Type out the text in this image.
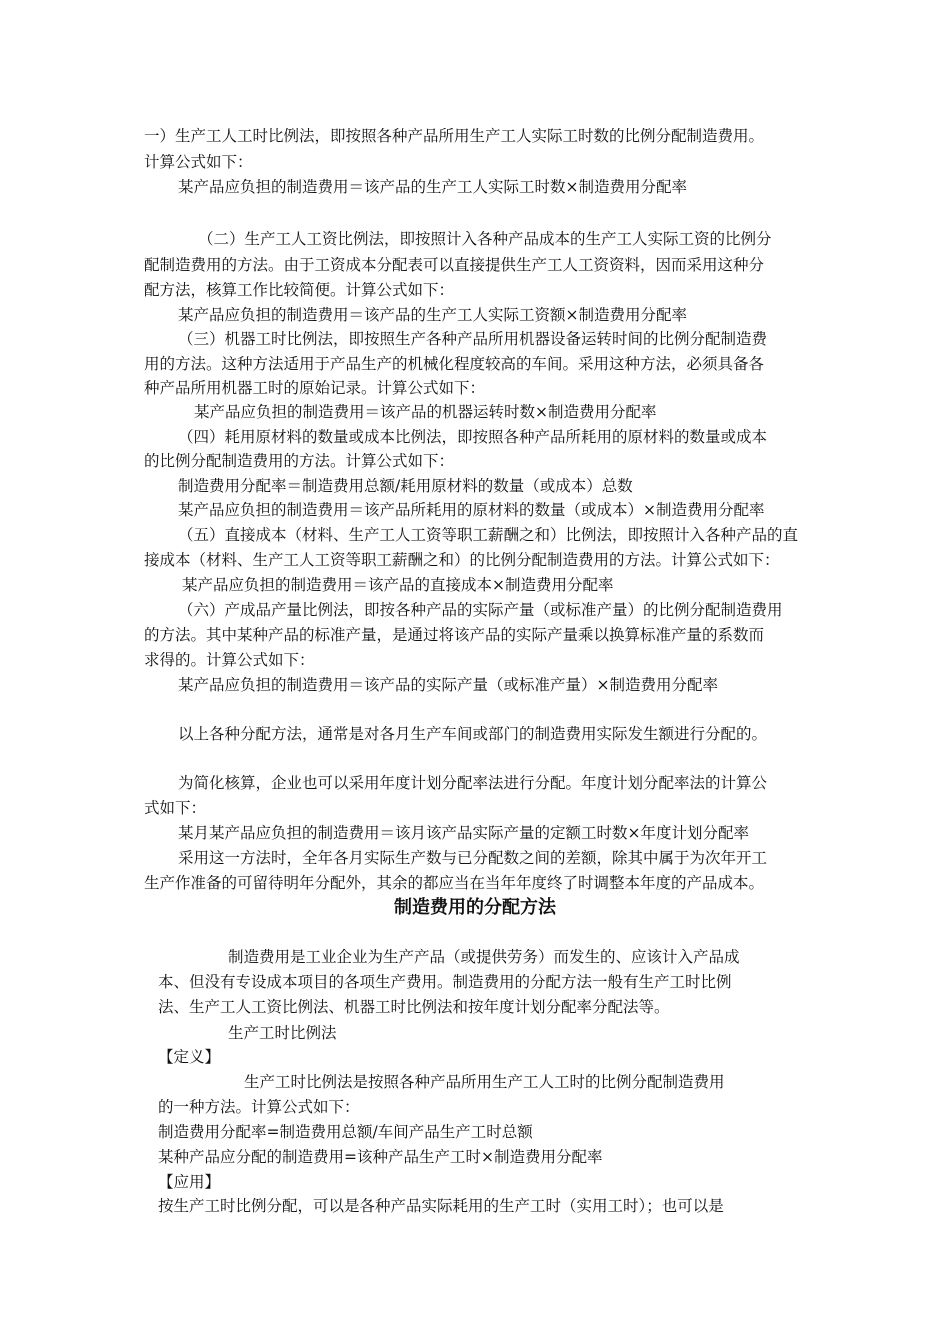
一）生产工人工时比例法，即按照各种产品所用生产工人实际工时数的比例分配制造费用。
计算公式如下：
某产品应负担的制造费用＝该产品的生产工人实际工时数×制造费用分配率
（二）生产工人工资比例法，即按照计入各种产品成本的生产工人实际工资的比例分
配制造费用的方法。由于工资成本分配表可以直接提供生产工人工资资料，因而采用这种分
配方法，核算工作比较简便。计算公式如下：
某产品应负担的制造费用＝该产品的生产工人实际工资额×制造费用分配率
（三）机器工时比例法，即按照生产各种产品所用机器设备运转时间的比例分配制造费
用的方法。这种方法适用于产品生产的机械化程度较高的车间。采用这种方法，必须具备各
种产品所用机器工时的原始记录。计算公式如下：
某产品应负担的制造费用＝该产品的机器运转时数×制造费用分配率
（四）耗用原材料的数量或成本比例法，即按照各种产品所耗用的原材料的数量或成本
的比例分配制造费用的方法。计算公式如下：
制造费用分配率＝制造费用总额/耗用原材料的数量（或成本）总数
某产品应负担的制造费用＝该产品所耗用的原材料的数量（或成本）×制造费用分配率
（五）直接成本（材料、生产工人工资等职工薪酬之和）比例法，即按照计入各种产品的直
接成本（材料、生产工人工资等职工薪酬之和）的比例分配制造费用的方法。计算公式如下：
某产品应负担的制造费用＝该产品的直接成本×制造费用分配率
（六）产成品产量比例法，即按各种产品的实际产量（或标准产量）的比例分配制造费用
的方法。其中某种产品的标准产量，是通过将该产品的实际产量乘以换算标准产量的系数而
求得的。计算公式如下：
某产品应负担的制造费用＝该产品的实际产量（或标准产量）×制造费用分配率
以上各种分配方法，通常是对各月生产车间或部门的制造费用实际发生额进行分配的。
为简化核算，企业也可以采用年度计划分配率法进行分配。年度计划分配率法的计算公
式如下：
某月某产品应负担的制造费用＝该月该产品实际产量的定额工时数×年度计划分配率
采用这一方法时，全年各月实际生产数与已分配数之间的差额，除其中属于为次年开工
生产作准备的可留待明年分配外，其余的都应当在当年年度终了时调整本年度的产品成本。
制造费用的分配方法
制造费用是工业企业为生产产品（或提供劳务）而发生的、应该计入产品成
本、但没有专设成本项目的各项生产费用。制造费用的分配方法一般有生产工时比例
法、生产工人工资比例法、机器工时比例法和按年度计划分配率分配法等。
生产工时比例法
【定义】
生产工时比例法是按照各种产品所用生产工人工时的比例分配制造费用
的一种方法。计算公式如下：
制造费用分配率=制造费用总额/车间产品生产工时总额
某种产品应分配的制造费用=该种产品生产工时×制造费用分配率
【应用】
按生产工时比例分配，可以是各种产品实际耗用的生产工时（实用工时）；也可以是
